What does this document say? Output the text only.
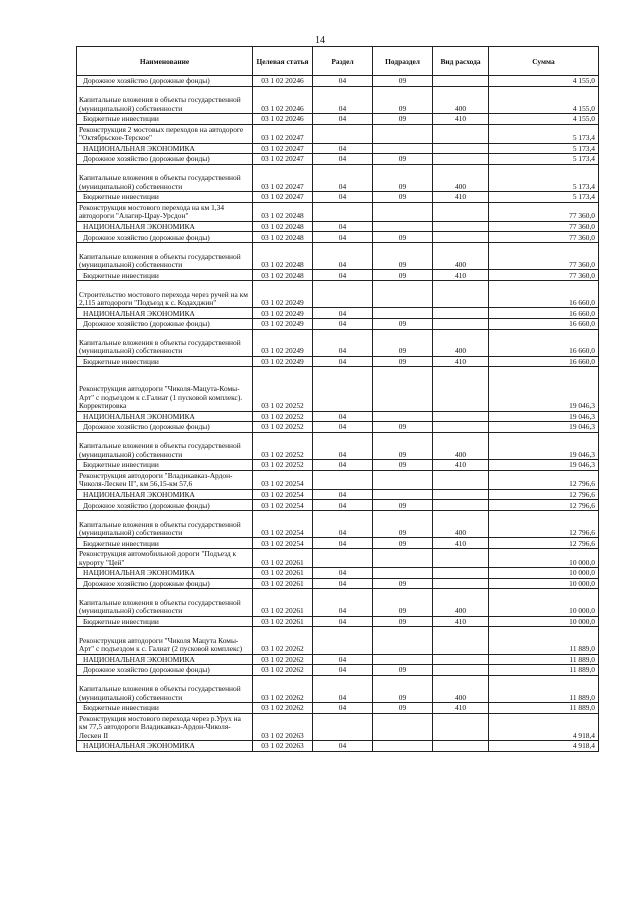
14
Наименование	Целевая статья	Раздел	Подраздел	Вид расхода	Сумма
Дорожное хозяйство (дорожные фонды)	03 1 02 20246	04	09		4 155,0
Капитальные вложения в объекты государственной (муниципальной) собственности	03 1 02 20246	04	09	400	4 155,0
Бюджетные инвестиции	03 1 02 20246	04	09	410	4 155,0
Реконструкция 2 мостовых переходов на автодороге "Октябрьское-Терское"	03 1 02 20247				5 173,4
НАЦИОНАЛЬНАЯ ЭКОНОМИКА	03 1 02 20247	04			5 173,4
Дорожное хозяйство (дорожные фонды)	03 1 02 20247	04	09		5 173,4
Капитальные вложения в объекты государственной (муниципальной) собственности	03 1 02 20247	04	09	400	5 173,4
Бюджетные инвестиции	03 1 02 20247	04	09	410	5 173,4
Реконструкция мостового перехода на км 1,34 автодороги "Алагир-Црау-Урсдон"	03 1 02 20248				77 360,0
НАЦИОНАЛЬНАЯ ЭКОНОМИКА	03 1 02 20248	04			77 360,0
Дорожное хозяйство (дорожные фонды)	03 1 02 20248	04	09		77 360,0
Капитальные вложения в объекты государственной (муниципальной) собственности	03 1 02 20248	04	09	400	77 360,0
Бюджетные инвестиции	03 1 02 20248	04	09	410	77 360,0
Строительство мостового перехода через ручей на км 2,115 автодороги "Подъезд к с. Кодахджин"	03 1 02 20249				16 660,0
НАЦИОНАЛЬНАЯ ЭКОНОМИКА	03 1 02 20249	04			16 660,0
Дорожное хозяйство (дорожные фонды)	03 1 02 20249	04	09		16 660,0
Капитальные вложения в объекты государственной (муниципальной) собственности	03 1 02 20249	04	09	400	16 660,0
Бюджетные инвестиции	03 1 02 20249	04	09	410	16 660,0
Реконструкция автодороги "Чиколя-Мацута-Комы-Арт" с подъездом к с.Галиат (1 пусковой комплекс). Корректировка	03 1 02 20252				19 046,3
НАЦИОНАЛЬНАЯ ЭКОНОМИКА	03 1 02 20252	04			19 046,3
Дорожное хозяйство (дорожные фонды)	03 1 02 20252	04	09		19 046,3
Капитальные вложения в объекты государственной (муниципальной) собственности	03 1 02 20252	04	09	400	19 046,3
Бюджетные инвестиции	03 1 02 20252	04	09	410	19 046,3
Реконструкция автодороги "Владикавказ-Ардон-Чиколя-Лескен II", км 56,15-км 57,6	03 1 02 20254				12 796,6
НАЦИОНАЛЬНАЯ ЭКОНОМИКА	03 1 02 20254	04			12 796,6
Дорожное хозяйство (дорожные фонды)	03 1 02 20254	04	09		12 796,6
Капитальные вложения в объекты государственной (муниципальной) собственности	03 1 02 20254	04	09	400	12 796,6
Бюджетные инвестиции	03 1 02 20254	04	09	410	12 796,6
Реконструкция автомобильной дороги "Подъезд к курорту "Цей"	03 1 02 20261				10 000,0
НАЦИОНАЛЬНАЯ ЭКОНОМИКА	03 1 02 20261	04			10 000,0
Дорожное хозяйство (дорожные фонды)	03 1 02 20261	04	09		10 000,0
Капитальные вложения в объекты государственной (муниципальной) собственности	03 1 02 20261	04	09	400	10 000,0
Бюджетные инвестиции	03 1 02 20261	04	09	410	10 000,0
Реконструкция автодороги "Чиколя Мацута Комы-Арт" с подъездом к с. Галиат (2 пусковой комплекс)	03 1 02 20262				11 889,0
НАЦИОНАЛЬНАЯ ЭКОНОМИКА	03 1 02 20262	04			11 889,0
Дорожное хозяйство (дорожные фонды)	03 1 02 20262	04	09		11 889,0
Капитальные вложения в объекты государственной (муниципальной) собственности	03 1 02 20262	04	09	400	11 889,0
Бюджетные инвестиции	03 1 02 20262	04	09	410	11 889,0
Реконструкция мостового перехода через р.Урух на км 77,5 автодороги Владикавказ-Ардон-Чиколя-Лескен II	03 1 02 20263				4 918,4
НАЦИОНАЛЬНАЯ ЭКОНОМИКА	03 1 02 20263	04			4 918,4
